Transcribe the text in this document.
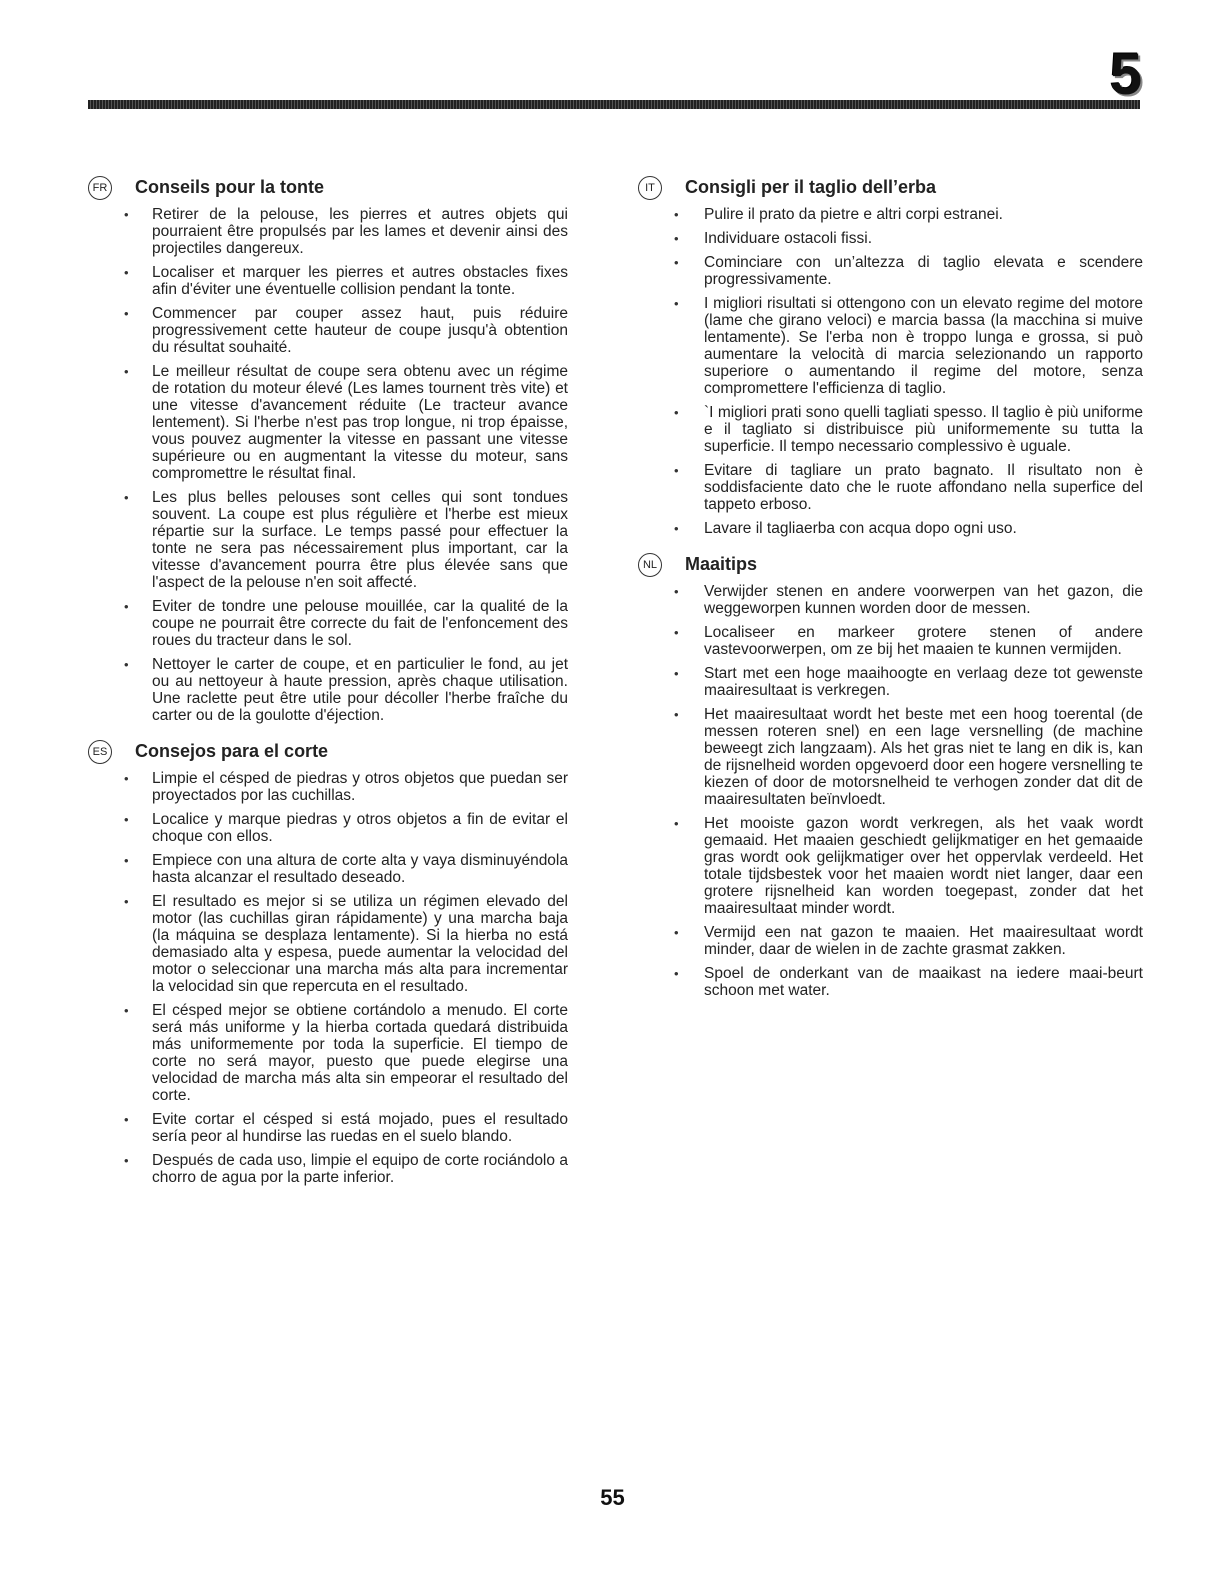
5
FR Conseils pour la tonte
• Retirer de la pelouse, les pierres et autres objets qui pourraient être propulsés par les lames et devenir ainsi des projectiles dangereux.
• Localiser et marquer les pierres et autres obstacles fixes afin d'éviter une éventuelle collision pendant la tonte.
• Commencer par couper assez haut, puis réduire progressivement cette hauteur de coupe jusqu'à obtention du résultat souhaité.
• Le meilleur résultat de coupe sera obtenu avec un régime de rotation du moteur élevé (Les lames tournent très vite) et une vitesse d'avancement réduite (Le tracteur avance lentement). Si l'herbe n'est pas trop longue, ni trop épaisse, vous pouvez augmenter la vitesse en passant une vitesse supérieure ou en augmentant la vitesse du moteur, sans compromettre le résultat final.
• Les plus belles pelouses sont celles qui sont tondues souvent. La coupe est plus régulière et l'herbe est mieux répartie sur la surface. Le temps passé pour effectuer la tonte ne sera pas nécessairement plus important, car la vitesse d'avancement pourra être plus élevée sans que l'aspect de la pelouse n'en soit affecté.
• Eviter de tondre une pelouse mouillée, car la qualité de la coupe ne pourrait être correcte du fait de l'enfoncement des roues du tracteur dans le sol.
• Nettoyer le carter de coupe, et en particulier le fond, au jet ou au nettoyeur à haute pression, après chaque utilisation. Une raclette peut être utile pour décoller l'herbe fraîche du carter ou de la goulotte d'éjection.
ES Consejos para el corte
• Limpie el césped de piedras y otros objetos que puedan ser proyectados por las cuchillas.
• Localice y marque piedras y otros objetos a fin de evitar el choque con ellos.
• Empiece con una altura de corte alta y vaya disminuyéndola hasta alcanzar el resultado deseado.
• El resultado es mejor si se utiliza un régimen elevado del motor (las cuchillas giran rápidamente) y una marcha baja (la máquina se desplaza lentamente). Si la hierba no está demasiado alta y espesa, puede aumentar la velocidad del motor o seleccionar una marcha más alta para incrementar la velocidad sin que repercuta en el resultado.
• El césped mejor se obtiene cortándolo a menudo. El corte será más uniforme y la hierba cortada quedará distribuida más uniformemente por toda la superficie. El tiempo de corte no será mayor, puesto que puede elegirse una velocidad de marcha más alta sin empeorar el resultado del corte.
• Evite cortar el césped si está mojado, pues el resultado sería peor al hundirse las ruedas en el suelo blando.
• Después de cada uso, limpie el equipo de corte rociándolo a chorro de agua por la parte inferior.
IT	Consigli per il taglio dell’erba
• Pulire il prato da pietre e altri corpi estranei.
• Individuare ostacoli fissi.
• Cominciare con un’altezza di taglio elevata e scendere progressivamente.
• I migliori risultati si ottengono con un elevato regime del motore (lame che girano veloci) e marcia bassa (la macchina si muive lentamente). Se l'erba non è troppo lunga e grossa, si può aumentare la velocità di marcia selezionando un rapporto superiore o aumentando il regime del motore, senza compromettere l'efficienza di taglio.
• `I migliori prati sono quelli tagliati spesso. Il taglio è più uniforme e il tagliato si distribuisce più uniformemente su tutta la superficie. Il tempo necessario complessivo è uguale.
• Evitare di tagliare un prato bagnato. Il risultato non è soddisfaciente dato che le ruote affondano nella superfice del tappeto erboso.
• Lavare il tagliaerba con acqua dopo ogni uso.
NL Maaitips
• Verwijder stenen en andere voorwerpen van het gazon, die weggeworpen kunnen worden door de messen.
• Localiseer en markeer grotere stenen of andere vastevoorwerpen, om ze bij het maaien te kunnen vermijden.
• Start met een hoge maaihoogte en verlaag deze tot gewenste maairesultaat is verkregen.
• Het maairesultaat wordt het beste met een hoog toerental (de messen roteren snel) en een lage versnelling (de machine beweegt zich langzaam). Als het gras niet te lang en dik is, kan de rijsnelheid worden opgevoerd door een hogere versnelling te kiezen of door de motorsnelheid te verhogen zonder dat dit de maairesultaten beïnvloedt.
• Het mooiste gazon wordt verkregen, als het vaak wordt gemaaid. Het maaien geschiedt gelijkmatiger en het gemaaide gras wordt ook gelijkmatiger over het oppervlak verdeeld. Het totale tijdsbestek voor het maaien wordt niet langer, daar een grotere rijsnelheid kan worden toegepast, zonder dat het maairesultaat minder wordt.
• Vermijd een nat gazon te maaien. Het maairesultaat wordt minder, daar de wielen in de zachte grasmat zakken.
• Spoel de onderkant van de maaikast na iedere maai-beurt schoon met water.
55
